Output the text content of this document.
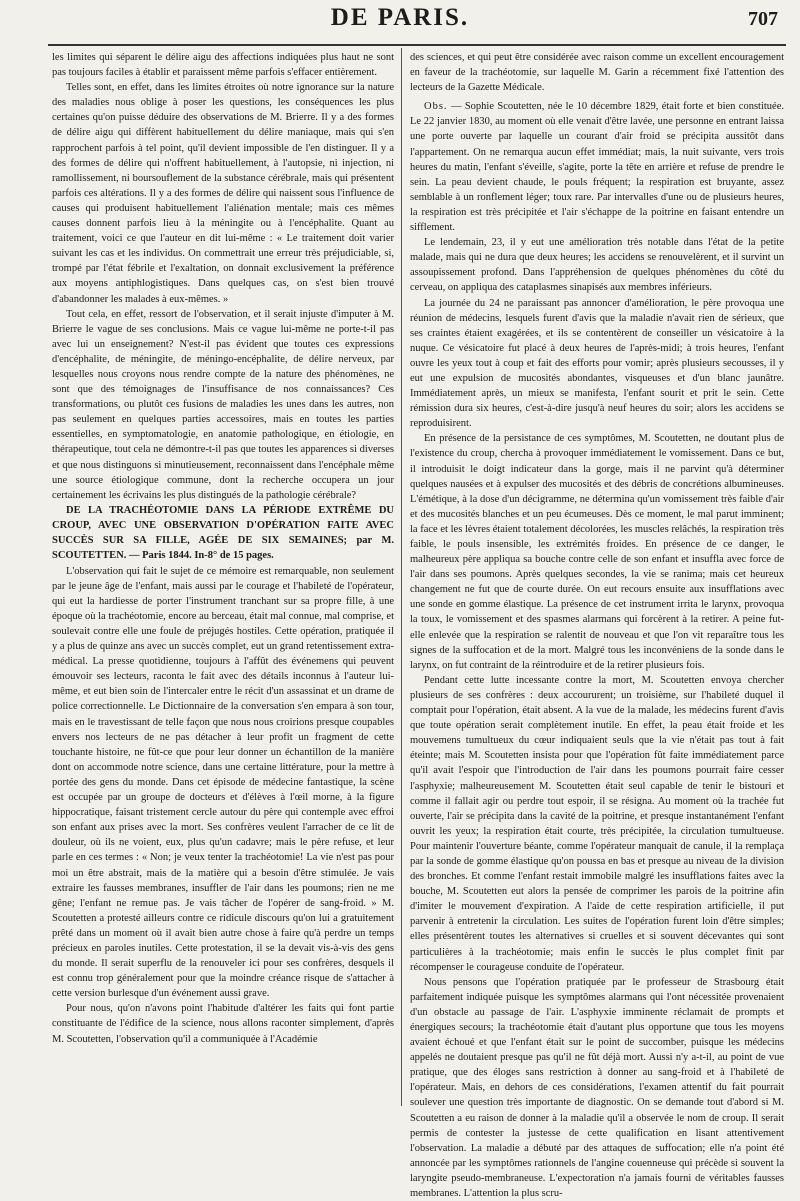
DE PARIS.	707

les limites qui séparent le délire aigu des affections indiquées plus haut ne sont pas toujours faciles à établir et paraissent même parfois s'effacer entièrement.

Telles sont, en effet, dans les limites étroites où notre ignorance sur la nature des maladies nous oblige à poser les questions, les conséquences les plus certaines qu'on puisse déduire des observations de M. Brierre. Il y a des formes de délire aigu qui diffèrent habituellement du délire maniaque, mais qui s'en rapprochent parfois à tel point, qu'il devient impossible de l'en distinguer. Il y a des formes de délire qui n'offrent habituellement, à l'autopsie, ni injection, ni ramollissement, ni boursouflement de la substance cérébrale, mais qui présentent parfois ces altérations. Il y a des formes de délire qui naissent sous l'influence de causes qui produisent habituellement l'aliénation mentale; mais ces mêmes causes donnent parfois lieu à la méningite ou à l'encéphalite. Quant au traitement, voici ce que l'auteur en dit lui-même : « Le traitement doit varier suivant les cas et les individus. On commettrait une erreur très préjudiciable, si, trompé par l'état fébrile et l'exaltation, on donnait exclusivement la préférence aux moyens antiphlogistiques. Dans quelques cas, on s'est bien trouvé d'abandonner les malades à eux-mêmes. »

Tout cela, en effet, ressort de l'observation, et il serait injuste d'imputer à M. Brierre le vague de ses conclusions. Mais ce vague lui-même ne porte-t-il pas avec lui un enseignement? N'est-il pas évident que toutes ces expressions d'encéphalite, de méningite, de méningo-encéphalite, de délire nerveux, par lesquelles nous croyons nous rendre compte de la nature des phénomènes, ne sont que des témoignages de l'insuffisance de nos connaissances? Ces transformations, ou plutôt ces fusions de maladies les unes dans les autres, non pas seulement en quelques parties accessoires, mais en toutes les parties essentielles, en symptomatologie, en anatomie pathologique, en étiologie, en thérapeutique, tout cela ne démontre-t-il pas que toutes les apparences si diverses et que nous distinguons si minutieusement, reconnaissent dans l'encéphale même une source étiologique commune, dont la recherche occupera un jour certainement les écrivains les plus distingués de la pathologie cérébrale?

DE LA TRACHÉOTOMIE DANS LA PÉRIODE EXTRÊME DU CROUP, AVEC UNE OBSERVATION D'OPÉRATION FAITE AVEC SUCCÈS SUR SA FILLE, AGÉE DE SIX SEMAINES; par M. SCOUTETTEN. — Paris 1844. In-8° de 15 pages.

L'observation qui fait le sujet de ce mémoire est remarquable, non seulement par le jeune âge de l'enfant, mais aussi par le courage et l'habileté de l'opérateur, qui eut la hardiesse de porter l'instrument tranchant sur sa propre fille, à une époque où la trachéotomie, encore au berceau, était mal connue, mal comprise, et soulevait contre elle une foule de préjugés hostiles. Cette opération, pratiquée il y a plus de quinze ans avec un succès complet, eut un grand retentissement extra-médical. La presse quotidienne, toujours à l'affût des événemens qui peuvent émouvoir ses lecteurs, raconta le fait avec des détails inconnus à l'auteur lui-même, et eut bien soin de l'intercaler entre le récit d'un assassinat et un drame de police correctionnelle. Le Dictionnaire de la conversation s'en empara à son tour, mais en le travestissant de telle façon que nous nous croirions presque coupables envers nos lecteurs de ne pas détacher à leur profit un fragment de cette touchante histoire, ne fût-ce que pour leur donner un échantillon de la manière dont on accommode notre science, dans une certaine littérature, pour la mettre à portée des gens du monde. Dans cet épisode de médecine fantastique, la scène est occupée par un groupe de docteurs et d'élèves à l'œil morne, à la figure hippocratique, faisant tristement cercle autour du père qui contemple avec effroi son enfant aux prises avec la mort. Ses confrères veulent l'arracher de ce lit de douleur, où ils ne voient, eux, plus qu'un cadavre; mais le père refuse, et leur parle en ces termes : « Non; je veux tenter la trachéotomie! La vie n'est pas pour moi un être abstrait, mais de la matière qui a besoin d'être stimulée. Je vais extraire les fausses membranes, insuffler de l'air dans les poumons; rien ne me gêne; l'enfant ne remue pas. Je vais tâcher de l'opérer de sang-froid. » M. Scoutetten a protesté ailleurs contre ce ridicule discours qu'on lui a gratuitement prêté dans un moment où il avait bien autre chose à faire qu'à perdre un temps précieux en paroles inutiles. Cette protestation, il se la devait vis-à-vis des gens du monde. Il serait superflu de la renouveler ici pour ses confrères, desquels il est connu trop généralement pour que la moindre créance risque de s'attacher à cette version burlesque d'un événement aussi grave.

Pour nous, qu'on n'avons point l'habitude d'altérer les faits qui font partie constituante de l'édifice de la science, nous allons raconter simplement, d'après M. Scoutetten, l'observation qu'il a communiquée à l'Académie

des sciences, et qui peut être considérée avec raison comme un excellent encouragement en faveur de la trachéotomie, sur laquelle M. Garin a récemment fixé l'attention des lecteurs de la Gazette Médicale.

Obs. — Sophie Scoutetten, née le 10 décembre 1829, était forte et bien constituée. Le 22 janvier 1830, au moment où elle venait d'être lavée, une personne en entrant laissa une porte ouverte par laquelle un courant d'air froid se précipita aussitôt dans l'appartement. On ne remarqua aucun effet immédiat; mais, la nuit suivante, vers trois heures du matin, l'enfant s'éveille, s'agite, porte la tête en arrière et refuse de prendre le sein. La peau devient chaude, le pouls fréquent; la respiration est bruyante, assez semblable à un ronflement léger; toux rare. Par intervalles d'une ou de plusieurs heures, la respiration est très précipitée et l'air s'échappe de la poitrine en faisant entendre un sifflement.

Le lendemain, 23, il y eut une amélioration très notable dans l'état de la petite malade, mais qui ne dura que deux heures; les accidens se renouvelèrent, et il survint un assoupissement profond. Dans l'appréhension de quelques phénomènes du côté du cerveau, on appliqua des cataplasmes sinapisés aux membres inférieurs.

La journée du 24 ne paraissant pas annoncer d'amélioration, le père provoqua une réunion de médecins, lesquels furent d'avis que la maladie n'avait rien de sérieux, que ses craintes étaient exagérées, et ils se contentèrent de conseiller un vésicatoire à la nuque. Ce vésicatoire fut placé à deux heures de l'après-midi; à trois heures, l'enfant ouvre les yeux tout à coup et fait des efforts pour vomir; après plusieurs secousses, il y eut une expulsion de mucosités abondantes, visqueuses et d'un blanc jaunâtre. Immédiatement après, un mieux se manifesta, l'enfant sourit et prit le sein. Cette rémission dura six heures, c'est-à-dire jusqu'à neuf heures du soir; alors les accidens se reproduisirent.

En présence de la persistance de ces symptômes, M. Scoutetten, ne doutant plus de l'existence du croup, chercha à provoquer immédiatement le vomissement. Dans ce but, il introduisit le doigt indicateur dans la gorge, mais il ne parvint qu'à déterminer quelques nausées et à expulser des mucosités et des débris de concrétions albumineuses. L'émétique, à la dose d'un décigramme, ne détermina qu'un vomissement très faible d'air et des mucosités blanches et un peu écumeuses. Dès ce moment, le mal parut imminent; la face et les lèvres étaient totalement décolorées, les muscles relâchés, la respiration très faible, le pouls insensible, les extrémités froides. En présence de ce danger, le malheureux père appliqua sa bouche contre celle de son enfant et insuffla avec force de l'air dans ses poumons. Après quelques secondes, la vie se ranima; mais cet heureux changement ne fut que de courte durée. On eut recours ensuite aux insufflations avec une sonde en gomme élastique. La présence de cet instrument irrita le larynx, provoqua la toux, le vomissement et des spasmes alarmans qui forcèrent à la retirer. A peine fut-elle enlevée que la respiration se ralentit de nouveau et que l'on vit reparaître tous les signes de la suffocation et de la mort. Malgré tous les inconvéniens de la sonde dans le larynx, on fut contraint de la réintroduire et de la retirer plusieurs fois.

Pendant cette lutte incessante contre la mort, M. Scoutetten envoya chercher plusieurs de ses confrères : deux accoururent; un troisième, sur l'habileté duquel il comptait pour l'opération, était absent. A la vue de la malade, les médecins furent d'avis que toute opération serait complètement inutile. En effet, la peau était froide et les mouvemens tumultueux du cœur indiquaient seuls que la vie n'était pas tout à fait éteinte; mais M. Scoutetten insista pour que l'opération fût faite immédiatement parce qu'il avait l'espoir que l'introduction de l'air dans les poumons pourrait faire cesser l'asphyxie; malheureusement M. Scoutetten était seul capable de tenir le bistouri et comme il fallait agir ou perdre tout espoir, il se résigna. Au moment où la trachée fut ouverte, l'air se précipita dans la cavité de la poitrine, et presque instantanément l'enfant ouvrit les yeux; la respiration était courte, très précipitée, la circulation tumultueuse. Pour maintenir l'ouverture béante, comme l'opérateur manquait de canule, il la remplaça par la sonde de gomme élastique qu'on poussa en bas et presque au niveau de la division des bronches. Et comme l'enfant restait immobile malgré les insufflations faites avec la bouche, M. Scoutetten eut alors la pensée de comprimer les parois de la poitrine afin d'imiter le mouvement d'expiration. A l'aide de cette respiration artificielle, il put parvenir à entretenir la circulation. Les suites de l'opération furent loin d'être simples; elles présentèrent toutes les alternatives si cruelles et si souvent décevantes qui sont particulières à la trachéotomie; mais enfin le succès le plus complet finit par récompenser le courageuse conduite de l'opérateur.

Nous pensons que l'opération pratiquée par le professeur de Strasbourg était parfaitement indiquée puisque les symptômes alarmans qui l'ont nécessitée provenaient d'un obstacle au passage de l'air. L'asphyxie imminente réclamait de prompts et énergiques secours; la trachéotomie était d'autant plus opportune que tous les moyens avaient échoué et que l'enfant était sur le point de succomber, puisque les médecins appelés ne doutaient presque pas qu'il ne fût déjà mort. Aussi n'y a-t-il, au point de vue pratique, que des éloges sans restriction à donner au sang-froid et à l'habileté de l'opérateur. Mais, en dehors de ces considérations, l'examen attentif du fait pourrait soulever une question très importante de diagnostic. On se demande tout d'abord si M. Scoutetten a eu raison de donner à la maladie qu'il a observée le nom de croup. Il serait permis de contester la justesse de cette qualification en lisant attentivement l'observation. La maladie a débuté par des attaques de suffocation; elle n'a point été annoncée par les symptômes rationnels de l'angine couenneuse qui précède si souvent la laryngite pseudo-membraneuse. L'expectoration n'a jamais fourni de véritables fausses membranes. L'attention la plus scru-
